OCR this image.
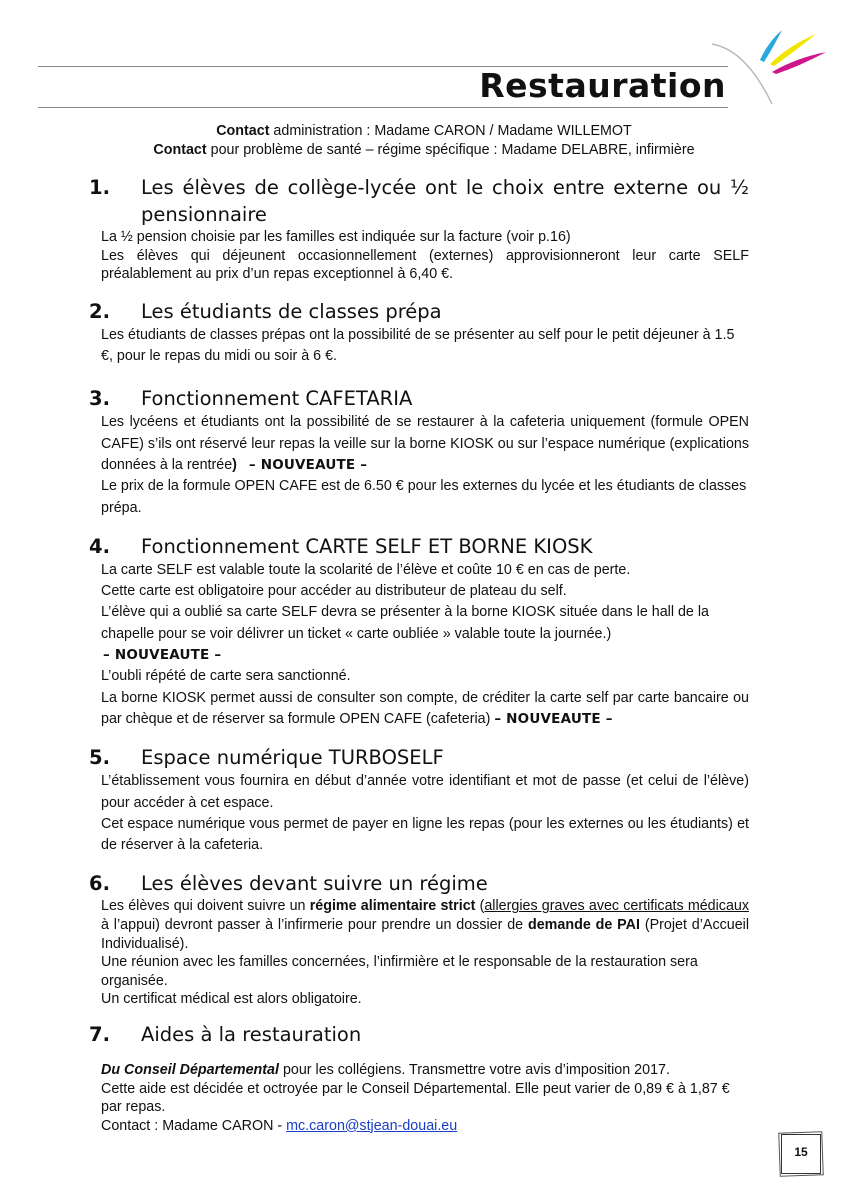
Restauration

Contact administration : Madame CARON / Madame WILLEMOT

Contact pour problème de santé – régime spécifique : Madame DELABRE, infirmière

1. Les élèves de collège-lycée ont le choix entre externe ou ½ pensionnaire

La ½ pension choisie par les familles est indiquée sur la facture (voir p.16)

Les élèves qui déjeunent occasionnellement (externes) approvisionneront leur carte SELF préalablement au prix d’un repas exceptionnel à 6,40 €.

2. Les étudiants de classes prépa

Les étudiants de classes prépas ont la possibilité de se présenter au self pour le petit déjeuner à 1.5 €, pour le repas du midi ou soir à 6 €.

3. Fonctionnement CAFETARIA

Les lycéens et étudiants ont la possibilité de se restaurer à la cafeteria uniquement (formule OPEN CAFE) s’ils ont réservé leur repas la veille sur la borne KIOSK ou sur l’espace numérique (explications données à la rentrée) – NOUVEAUTE –

Le prix de la formule OPEN CAFE est de 6.50 € pour les externes du lycée et les étudiants de classes prépa.

4. Fonctionnement CARTE SELF ET BORNE KIOSK

La carte SELF est valable toute la scolarité de l’élève et coûte 10 € en cas de perte.

Cette carte est obligatoire pour accéder au distributeur de plateau du self.

L’élève qui a oublié sa carte SELF devra se présenter à la borne KIOSK située dans le hall de la chapelle pour se voir délivrer un ticket « carte oubliée » valable toute la journée.)

– NOUVEAUTE –

L’oubli répété de carte sera sanctionné.

La borne KIOSK permet aussi de consulter son compte, de créditer la carte self par carte bancaire ou par chèque et de réserver sa formule OPEN CAFE (cafeteria) – NOUVEAUTE –

5. Espace numérique TURBOSELF

L’établissement vous fournira en début d’année votre identifiant et mot de passe (et celui de l’élève) pour accéder à cet espace.

Cet espace numérique vous permet de payer en ligne les repas (pour les externes ou les étudiants) et de réserver à la cafeteria.

6. Les élèves devant suivre un régime

Les élèves qui doivent suivre un régime alimentaire strict (allergies graves avec certificats médicaux à l’appui) devront passer à l’infirmerie pour prendre un dossier de demande de PAI (Projet d’Accueil Individualisé).

Une réunion avec les familles concernées, l’infirmière et le responsable de la restauration sera organisée.

Un certificat médical est alors obligatoire.

7. Aides à la restauration

Du Conseil Départemental pour les collégiens. Transmettre votre avis d’imposition 2017.

Cette aide est décidée et octroyée par le Conseil Départemental. Elle peut varier de 0,89 € à 1,87 € par repas.

Contact : Madame CARON - mc.caron@stjean-douai.eu

15
